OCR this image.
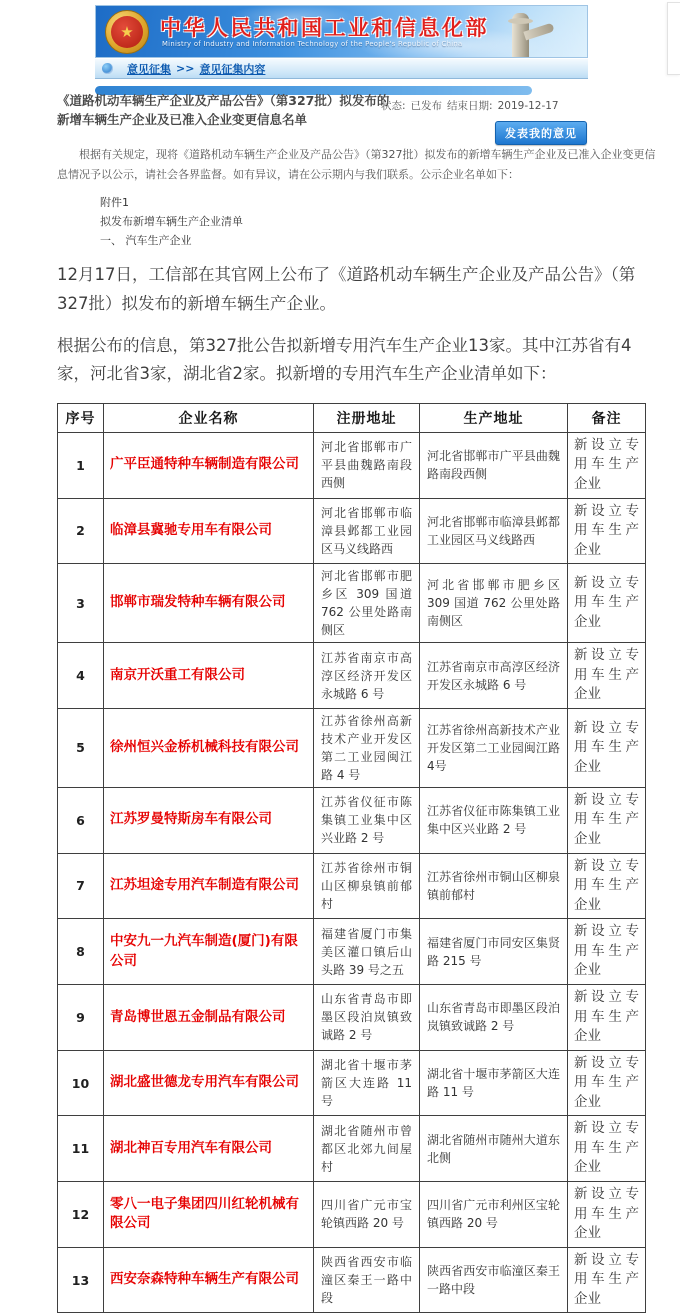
★	中华人民共和国工业和信息化部
Ministry of Industry and Information Technology of the People's Republic of China
意见征集 >> 意见征集内容
《道路机动车辆生产企业及产品公告》（第327批）拟发布的新增车辆生产企业及已准入企业变更信息名单
状态: 已发布 结束日期: 2019-12-17
发表我的意见

根据有关规定，现将《道路机动车辆生产企业及产品公告》（第327批）拟发布的新增车辆生产企业及已准入企业变更信息情况予以公示，请社会各界监督。如有异议，请在公示期内与我们联系。公示企业名单如下：

附件1
拟发布新增车辆生产企业清单
一、 汽车生产企业

12月17日，工信部在其官网上公布了《道路机动车辆生产企业及产品公告》（第327批）拟发布的新增车辆生产企业。

根据公布的信息，第327批公告拟新增专用汽车生产企业13家。其中江苏省有4家，河北省3家，湖北省2家。拟新增的专用汽车生产企业清单如下：

序号	企业名称	注册地址	生产地址	备注
1	广平臣通特种车辆制造有限公司	河北省邯郸市广平县曲魏路南段西侧	河北省邯郸市广平县曲魏路南段西侧	新设立专用车生产企业
2	临漳县冀驰专用车有限公司	河北省邯郸市临漳县邺都工业园区马义线路西	河北省邯郸市临漳县邺都工业园区马义线路西	新设立专用车生产企业
3	邯郸市瑞发特种车辆有限公司	河北省邯郸市肥乡区 309 国道 762 公里处路南侧区	河北省邯郸市肥乡区 309 国道 762 公里处路南侧区	新设立专用车生产企业
4	南京开沃重工有限公司	江苏省南京市高淳区经济开发区永城路 6 号	江苏省南京市高淳区经济开发区永城路 6 号	新设立专用车生产企业
5	徐州恒兴金桥机械科技有限公司	江苏省徐州高新技术产业开发区第二工业园闽江路 4 号	江苏省徐州高新技术产业开发区第二工业园闽江路4号	新设立专用车生产企业
6	江苏罗曼特斯房车有限公司	江苏省仪征市陈集镇工业集中区兴业路 2 号	江苏省仪征市陈集镇工业集中区兴业路 2 号	新设立专用车生产企业
7	江苏坦途专用汽车制造有限公司	江苏省徐州市铜山区柳泉镇前郁村	江苏省徐州市铜山区柳泉镇前郁村	新设立专用车生产企业
8	中安九一九汽车制造(厦门)有限公司	福建省厦门市集美区灌口镇后山头路 39 号之五	福建省厦门市同安区集贤路 215 号	新设立专用车生产企业
9	青岛博世恩五金制品有限公司	山东省青岛市即墨区段泊岚镇致诚路 2 号	山东省青岛市即墨区段泊岚镇致诚路 2 号	新设立专用车生产企业
10	湖北盛世德龙专用汽车有限公司	湖北省十堰市茅箭区大连路 11 号	湖北省十堰市茅箭区大连路 11 号	新设立专用车生产企业
11	湖北神百专用汽车有限公司	湖北省随州市曾都区北郊九间屋村	湖北省随州市随州大道东北侧	新设立专用车生产企业
12	零八一电子集团四川红轮机械有限公司	四川省广元市宝轮镇西路 20 号	四川省广元市利州区宝轮镇西路 20 号	新设立专用车生产企业
13	西安奈森特种车辆生产有限公司	陕西省西安市临潼区秦王一路中段	陕西省西安市临潼区秦王一路中段	新设立专用车生产企业
